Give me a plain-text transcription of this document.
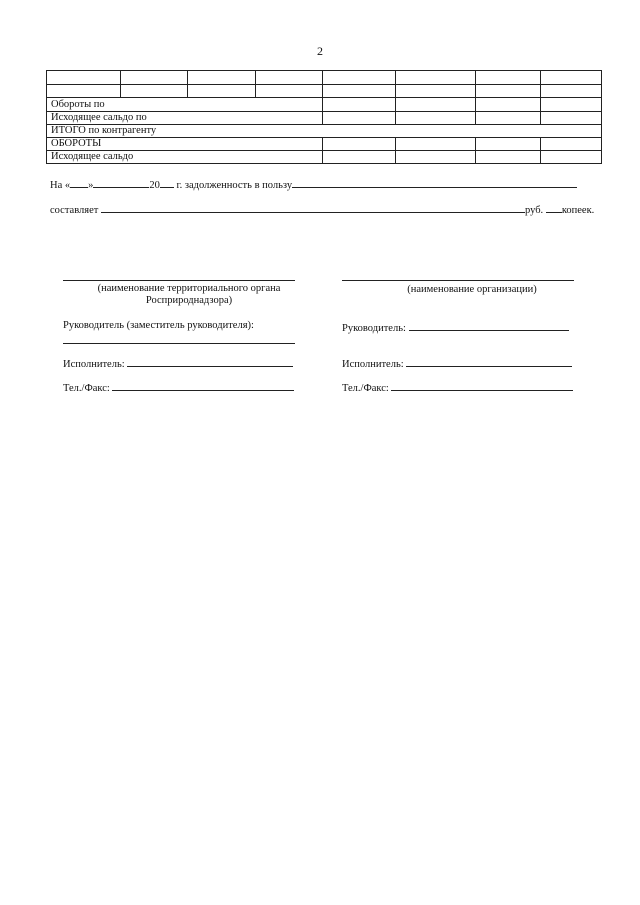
2
Обороты по
Исходящее сальдо по
ИТОГО по контрагенту
ОБОРОТЫ
Исходящее сальдо
На « »	20 г. задолженность в пользу
составляет	руб. копеек.
(наименование территориального органа
Росприроднадзора)
Руководитель (заместитель руководителя):
Исполнитель:
Тел./Факс:
(наименование организации)
Руководитель:
Исполнитель:
Тел./Факс:
